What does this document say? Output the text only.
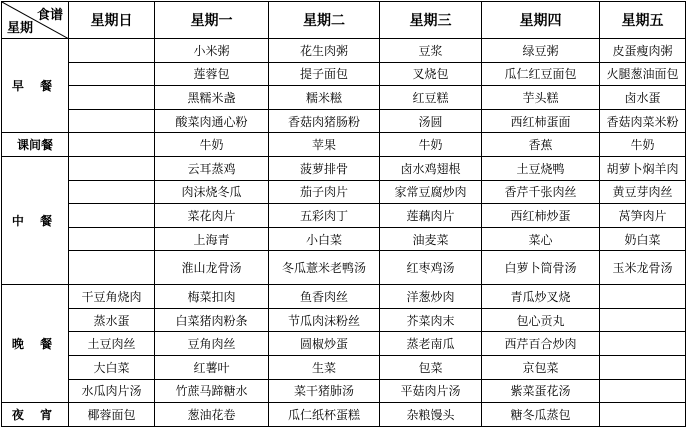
食谱
星期	星期日	星期一	星期二	星期三	星期四	星期五
早 餐		小米粥	花生肉粥	豆浆	绿豆粥	皮蛋瘦肉粥
		莲蓉包	提子面包	叉烧包	瓜仁红豆面包	火腿葱油面包
		黑糯米盏	糯米糍	红豆糕	芋头糕	卤水蛋
		酸菜肉通心粉	香菇肉猪肠粉	汤圆	西红柿蛋面	香菇肉菜米粉
课间餐		牛奶	苹果	牛奶	香蕉	牛奶
中 餐		云耳蒸鸡	菠萝排骨	卤水鸡翅根	土豆烧鸭	胡萝卜焖羊肉
		肉沫烧冬瓜	茄子肉片	家常豆腐炒肉	香芹千张肉丝	黄豆芽肉丝
		菜花肉片	五彩肉丁	莲藕肉片	西红柿炒蛋	莴笋肉片
		上海青	小白菜	油麦菜	菜心	奶白菜
		淮山龙骨汤	冬瓜薏米老鸭汤	红枣鸡汤	白萝卜筒骨汤	玉米龙骨汤
晚 餐	干豆角烧肉	梅菜扣肉	鱼香肉丝	洋葱炒肉	青瓜炒叉烧	
	蒸水蛋	白菜猪肉粉条	节瓜肉沫粉丝	芥菜肉末	包心贡丸	
	土豆肉丝	豆角肉丝	圆椒炒蛋	蒸老南瓜	西芹百合炒肉	
	大白菜	红薯叶	生菜	包菜	京包菜	
	水瓜肉片汤	竹蔗马蹄糖水	菜干猪肺汤	平菇肉片汤	紫菜蛋花汤	
夜 宵	椰蓉面包	葱油花卷	瓜仁纸杯蛋糕	杂粮馒头	糖冬瓜蒸包	
